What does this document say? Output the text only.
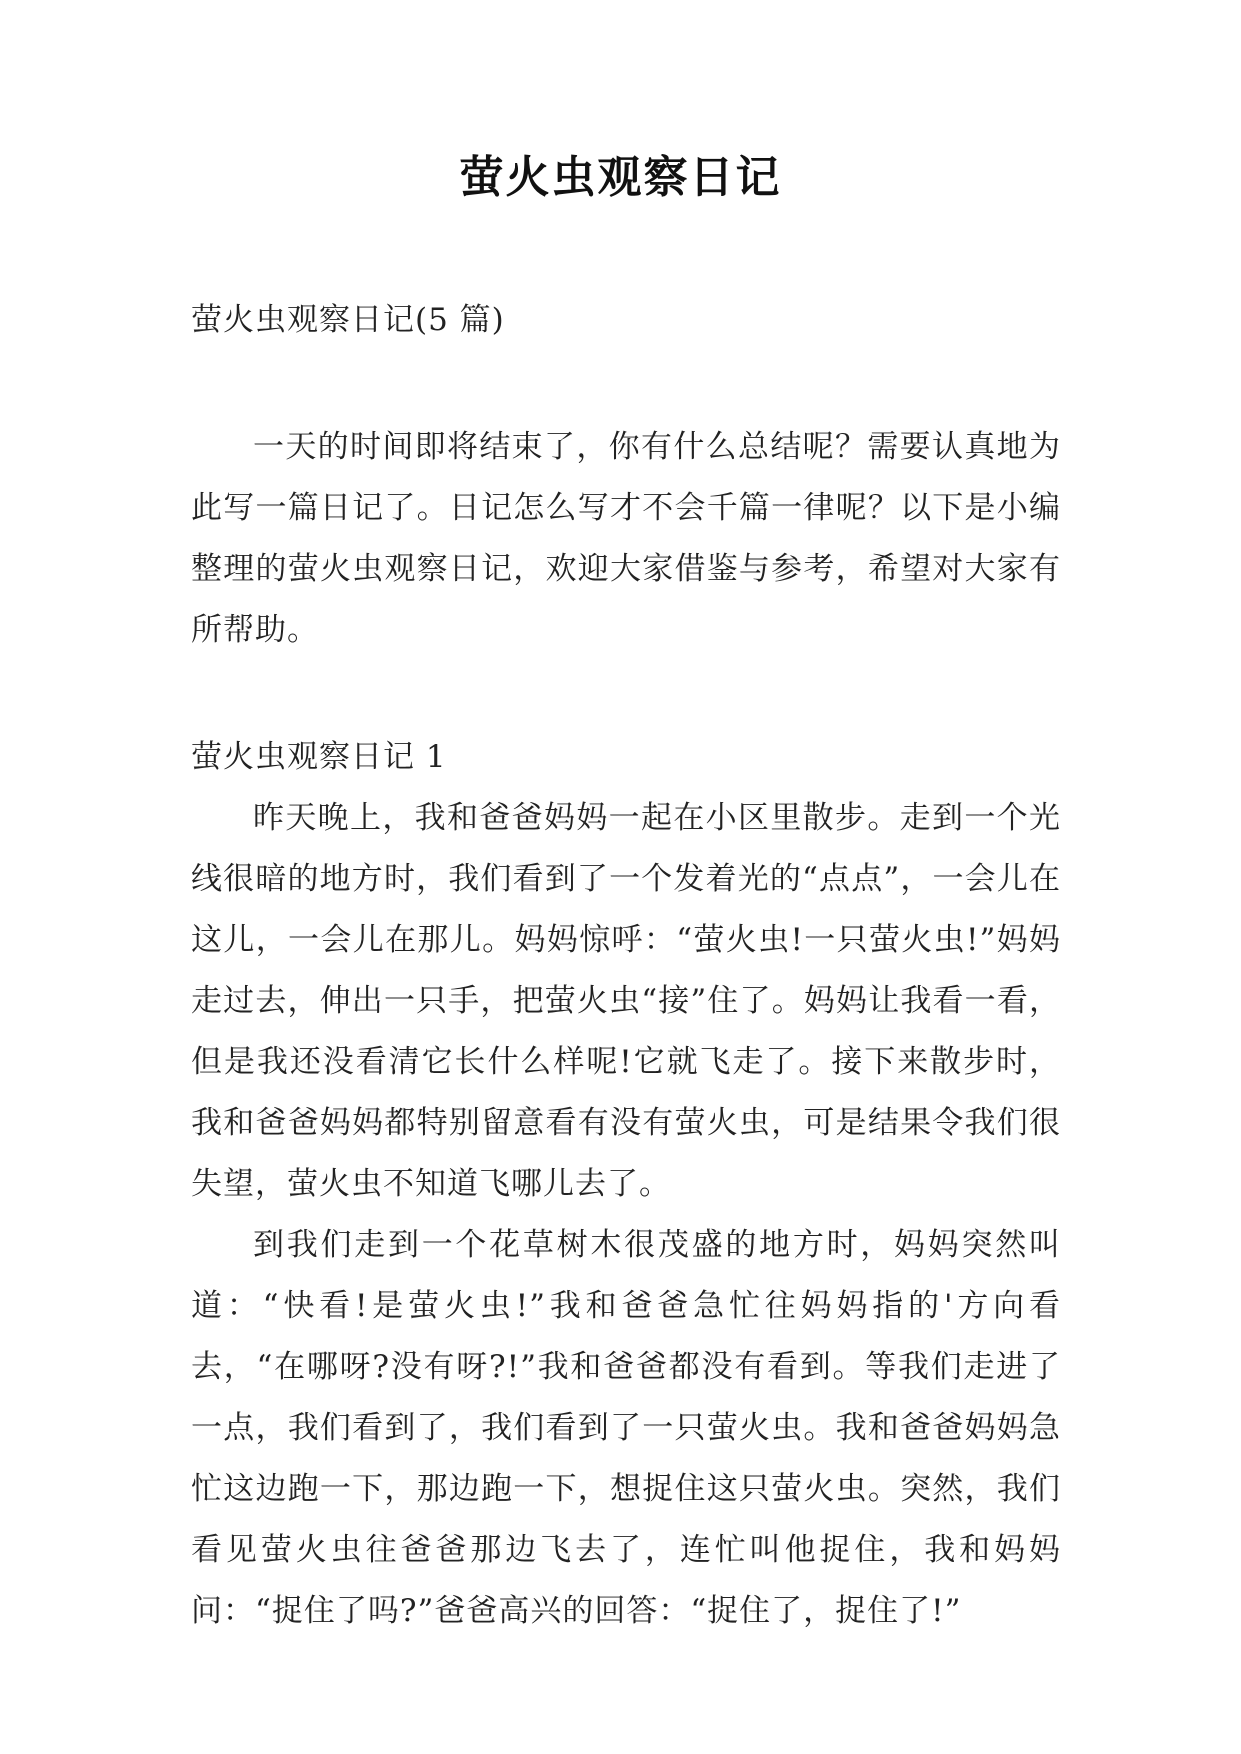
萤火虫观察日记

萤火虫观察日记(5 篇)

一天的时间即将结束了，你有什么总结呢？需要认真地为此写一篇日记了。日记怎么写才不会千篇一律呢？以下是小编整理的萤火虫观察日记，欢迎大家借鉴与参考，希望对大家有所帮助。

萤火虫观察日记 1

昨天晚上，我和爸爸妈妈一起在小区里散步。走到一个光线很暗的地方时，我们看到了一个发着光的“点点”，一会儿在这儿，一会儿在那儿。妈妈惊呼：“萤火虫!一只萤火虫!”妈妈走过去，伸出一只手，把萤火虫“接”住了。妈妈让我看一看，但是我还没看清它长什么样呢!它就飞走了。接下来散步时，我和爸爸妈妈都特别留意看有没有萤火虫，可是结果令我们很失望，萤火虫不知道飞哪儿去了。

到我们走到一个花草树木很茂盛的地方时，妈妈突然叫道：“快看!是萤火虫!”我和爸爸急忙往妈妈指的'方向看去，“在哪呀?没有呀?!”我和爸爸都没有看到。等我们走进了一点，我们看到了，我们看到了一只萤火虫。我和爸爸妈妈急忙这边跑一下，那边跑一下，想捉住这只萤火虫。突然，我们看见萤火虫往爸爸那边飞去了，连忙叫他捉住，我和妈妈问：“捉住了吗?”爸爸高兴的回答：“捉住了，捉住了!”
